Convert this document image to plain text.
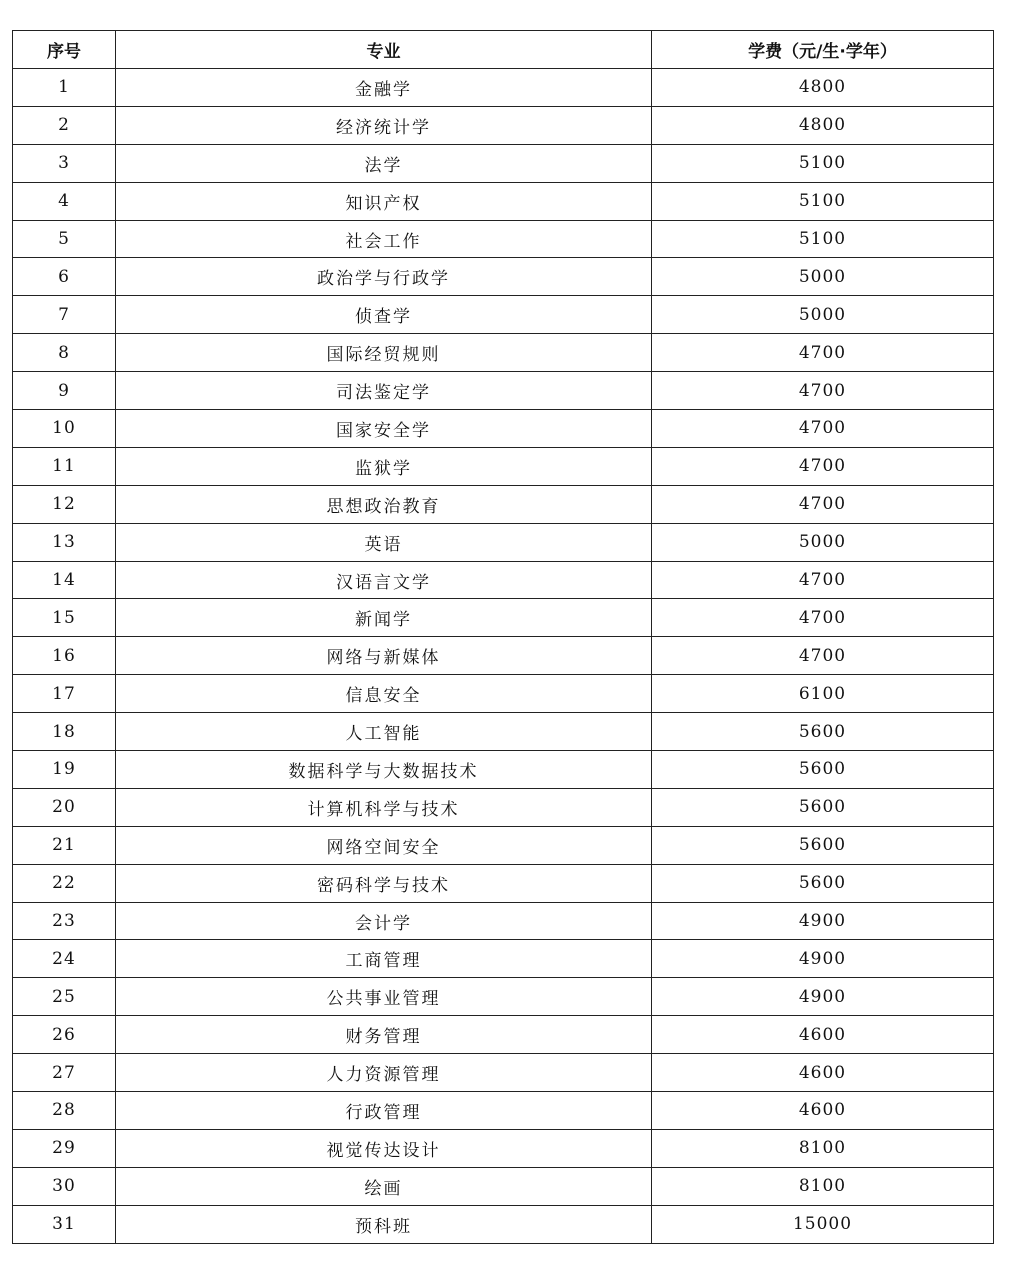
序号	专业	学费（元/生·学年）
1	金融学	4800
2	经济统计学	4800
3	法学	5100
4	知识产权	5100
5	社会工作	5100
6	政治学与行政学	5000
7	侦查学	5000
8	国际经贸规则	4700
9	司法鉴定学	4700
10	国家安全学	4700
11	监狱学	4700
12	思想政治教育	4700
13	英语	5000
14	汉语言文学	4700
15	新闻学	4700
16	网络与新媒体	4700
17	信息安全	6100
18	人工智能	5600
19	数据科学与大数据技术	5600
20	计算机科学与技术	5600
21	网络空间安全	5600
22	密码科学与技术	5600
23	会计学	4900
24	工商管理	4900
25	公共事业管理	4900
26	财务管理	4600
27	人力资源管理	4600
28	行政管理	4600
29	视觉传达设计	8100
30	绘画	8100
31	预科班	15000
